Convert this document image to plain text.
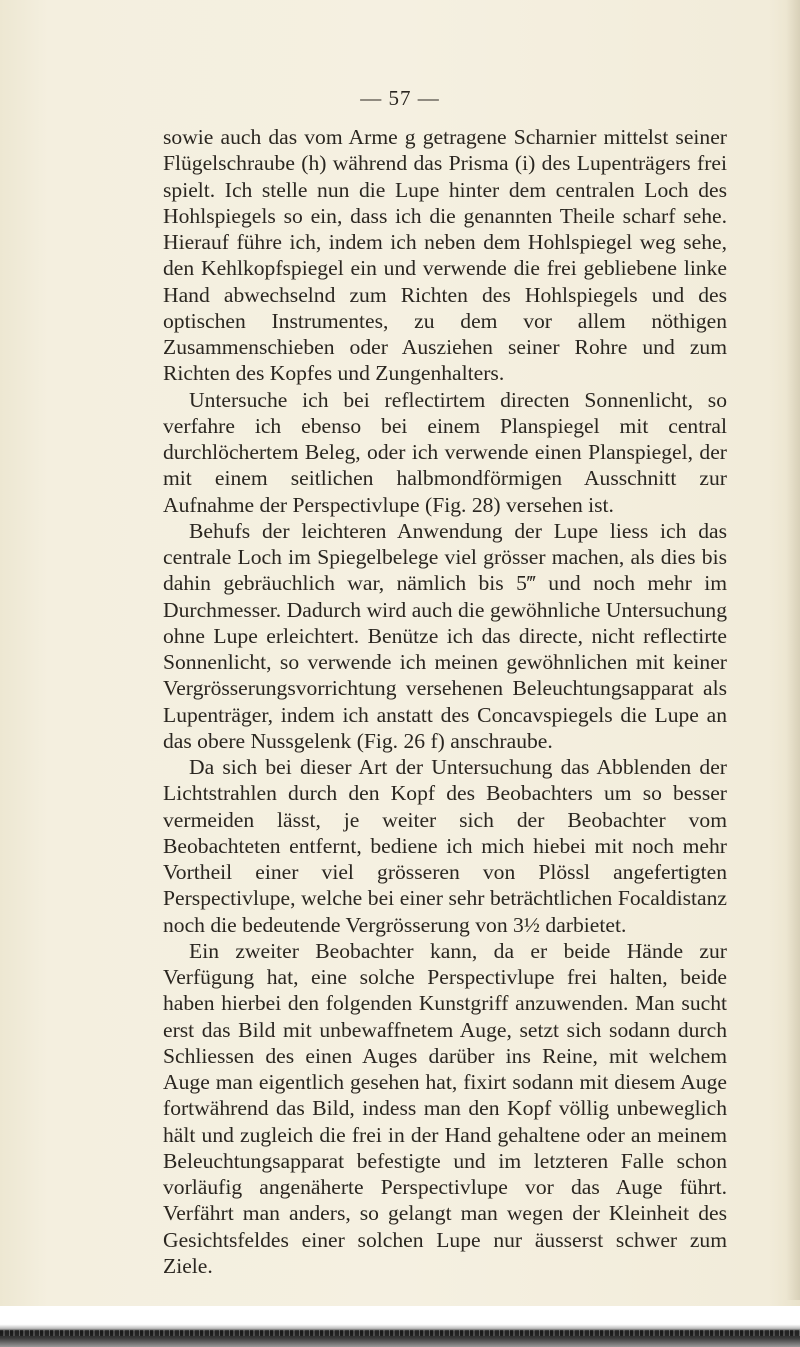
— 57 —

sowie auch das vom Arme g getragene Scharnier mittelst seiner Flügelschraube (h) während das Prisma (i) des Lupenträgers frei spielt. Ich stelle nun die Lupe hinter dem centralen Loch des Hohlspiegels so ein, dass ich die genannten Theile scharf sehe. Hierauf führe ich, indem ich neben dem Hohlspiegel weg sehe, den Kehlkopfspiegel ein und verwende die frei gebliebene linke Hand abwechselnd zum Richten des Hohlspiegels und des optischen Instrumentes, zu dem vor allem nöthigen Zusammenschieben oder Ausziehen seiner Rohre und zum Richten des Kopfes und Zungenhalters.

Untersuche ich bei reflectirtem directen Sonnenlicht, so verfahre ich ebenso bei einem Planspiegel mit central durchlöchertem Beleg, oder ich verwende einen Planspiegel, der mit einem seitlichen halbmondförmigen Ausschnitt zur Aufnahme der Perspectivlupe (Fig. 28) versehen ist.

Behufs der leichteren Anwendung der Lupe liess ich das centrale Loch im Spiegelbelege viel grösser machen, als dies bis dahin gebräuchlich war, nämlich bis 5‴ und noch mehr im Durchmesser. Dadurch wird auch die gewöhnliche Untersuchung ohne Lupe erleichtert. Benütze ich das directe, nicht reflectirte Sonnenlicht, so verwende ich meinen gewöhnlichen mit keiner Vergrösserungsvorrichtung versehenen Beleuchtungsapparat als Lupenträger, indem ich anstatt des Concavspiegels die Lupe an das obere Nussgelenk (Fig. 26 f) anschraube.

Da sich bei dieser Art der Untersuchung das Abblenden der Lichtstrahlen durch den Kopf des Beobachters um so besser vermeiden lässt, je weiter sich der Beobachter vom Beobachteten entfernt, bediene ich mich hiebei mit noch mehr Vortheil einer viel grösseren von Plössl angefertigten Perspectivlupe, welche bei einer sehr beträchtlichen Focaldistanz noch die bedeutende Vergrösserung von 3½ darbietet.

Ein zweiter Beobachter kann, da er beide Hände zur Verfügung hat, eine solche Perspectivlupe frei halten, beide haben hierbei den folgenden Kunstgriff anzuwenden. Man sucht erst das Bild mit unbewaffnetem Auge, setzt sich sodann durch Schliessen des einen Auges darüber ins Reine, mit welchem Auge man eigentlich gesehen hat, fixirt sodann mit diesem Auge fortwährend das Bild, indess man den Kopf völlig unbeweglich hält und zugleich die frei in der Hand gehaltene oder an meinem Beleuchtungsapparat befestigte und im letzteren Falle schon vorläufig angenäherte Perspectivlupe vor das Auge führt. Verfährt man anders, so gelangt man wegen der Kleinheit des Gesichtsfeldes einer solchen Lupe nur äusserst schwer zum Ziele.
